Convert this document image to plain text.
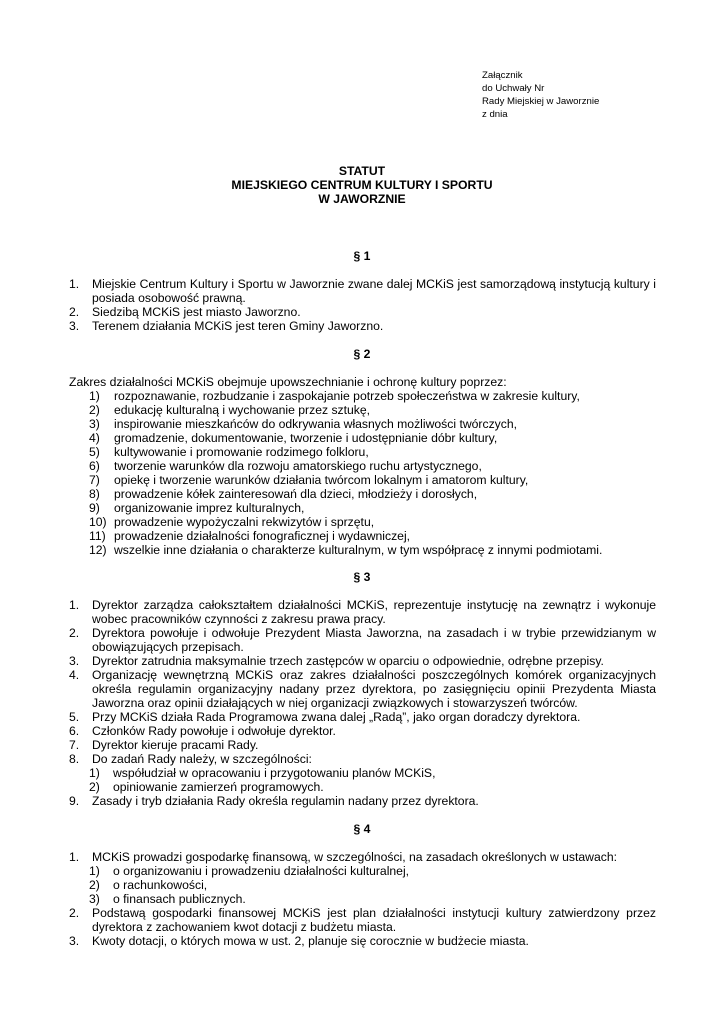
Załącznik
do Uchwały Nr
Rady Miejskiej w Jaworznie
z dnia
STATUT
MIEJSKIEGO CENTRUM KULTURY I SPORTU
W JAWORZNIE
§ 1
1. Miejskie Centrum Kultury i Sportu w Jaworznie zwane dalej MCKiS jest samorządową instytucją kultury i posiada osobowość prawną.
2. Siedzibą MCKiS jest miasto Jaworzno.
3. Terenem działania MCKiS jest teren Gminy Jaworzno.
§ 2
Zakres działalności MCKiS obejmuje upowszechnianie i ochronę kultury poprzez:
1) rozpoznawanie, rozbudzanie i zaspokajanie potrzeb społeczeństwa w zakresie kultury,
2) edukację kulturalną i wychowanie przez sztukę,
3) inspirowanie mieszkańców do odkrywania własnych możliwości twórczych,
4) gromadzenie, dokumentowanie, tworzenie i udostępnianie dóbr kultury,
5) kultywowanie i promowanie rodzimego folkloru,
6) tworzenie warunków dla rozwoju amatorskiego ruchu artystycznego,
7) opiekę i tworzenie warunków działania twórcom lokalnym i amatorom kultury,
8) prowadzenie kółek zainteresowań dla dzieci, młodzieży i dorosłych,
9) organizowanie imprez kulturalnych,
10) prowadzenie wypożyczalni rekwizytów i sprzętu,
11) prowadzenie działalności fonograficznej i wydawniczej,
12) wszelkie inne działania o charakterze kulturalnym, w tym współpracę z innymi podmiotami.
§ 3
1. Dyrektor zarządza całokształtem działalności MCKiS, reprezentuje instytucję na zewnątrz i wykonuje wobec pracowników czynności z zakresu prawa pracy.
2. Dyrektora powołuje i odwołuje Prezydent Miasta Jaworzna, na zasadach i w trybie przewidzianym w obowiązujących przepisach.
3. Dyrektor zatrudnia maksymalnie trzech zastępców w oparciu o odpowiednie, odrębne przepisy.
4. Organizację wewnętrzną MCKiS oraz zakres działalności poszczególnych komórek organizacyjnych określa regulamin organizacyjny nadany przez dyrektora, po zasięgnięciu opinii Prezydenta Miasta Jaworzna oraz opinii działających w niej organizacji związkowych i stowarzyszeń twórców.
5. Przy MCKiS działa Rada Programowa zwana dalej „Radą”, jako organ doradczy dyrektora.
6. Członków Rady powołuje i odwołuje dyrektor.
7. Dyrektor kieruje pracami Rady.
8. Do zadań Rady należy, w szczególności:
1) współudział w opracowaniu i przygotowaniu planów MCKiS,
2) opiniowanie zamierzeń programowych.
9. Zasady i tryb działania Rady określa regulamin nadany przez dyrektora.
§ 4
1. MCKiS prowadzi gospodarkę finansową, w szczególności, na zasadach określonych w ustawach:
1) o organizowaniu i prowadzeniu działalności kulturalnej,
2) o rachunkowości,
3) o finansach publicznych.
2. Podstawą gospodarki finansowej MCKiS jest plan działalności instytucji kultury zatwierdzony przez dyrektora z zachowaniem kwot dotacji z budżetu miasta.
3. Kwoty dotacji, o których mowa w ust. 2, planuje się corocznie w budżecie miasta.
